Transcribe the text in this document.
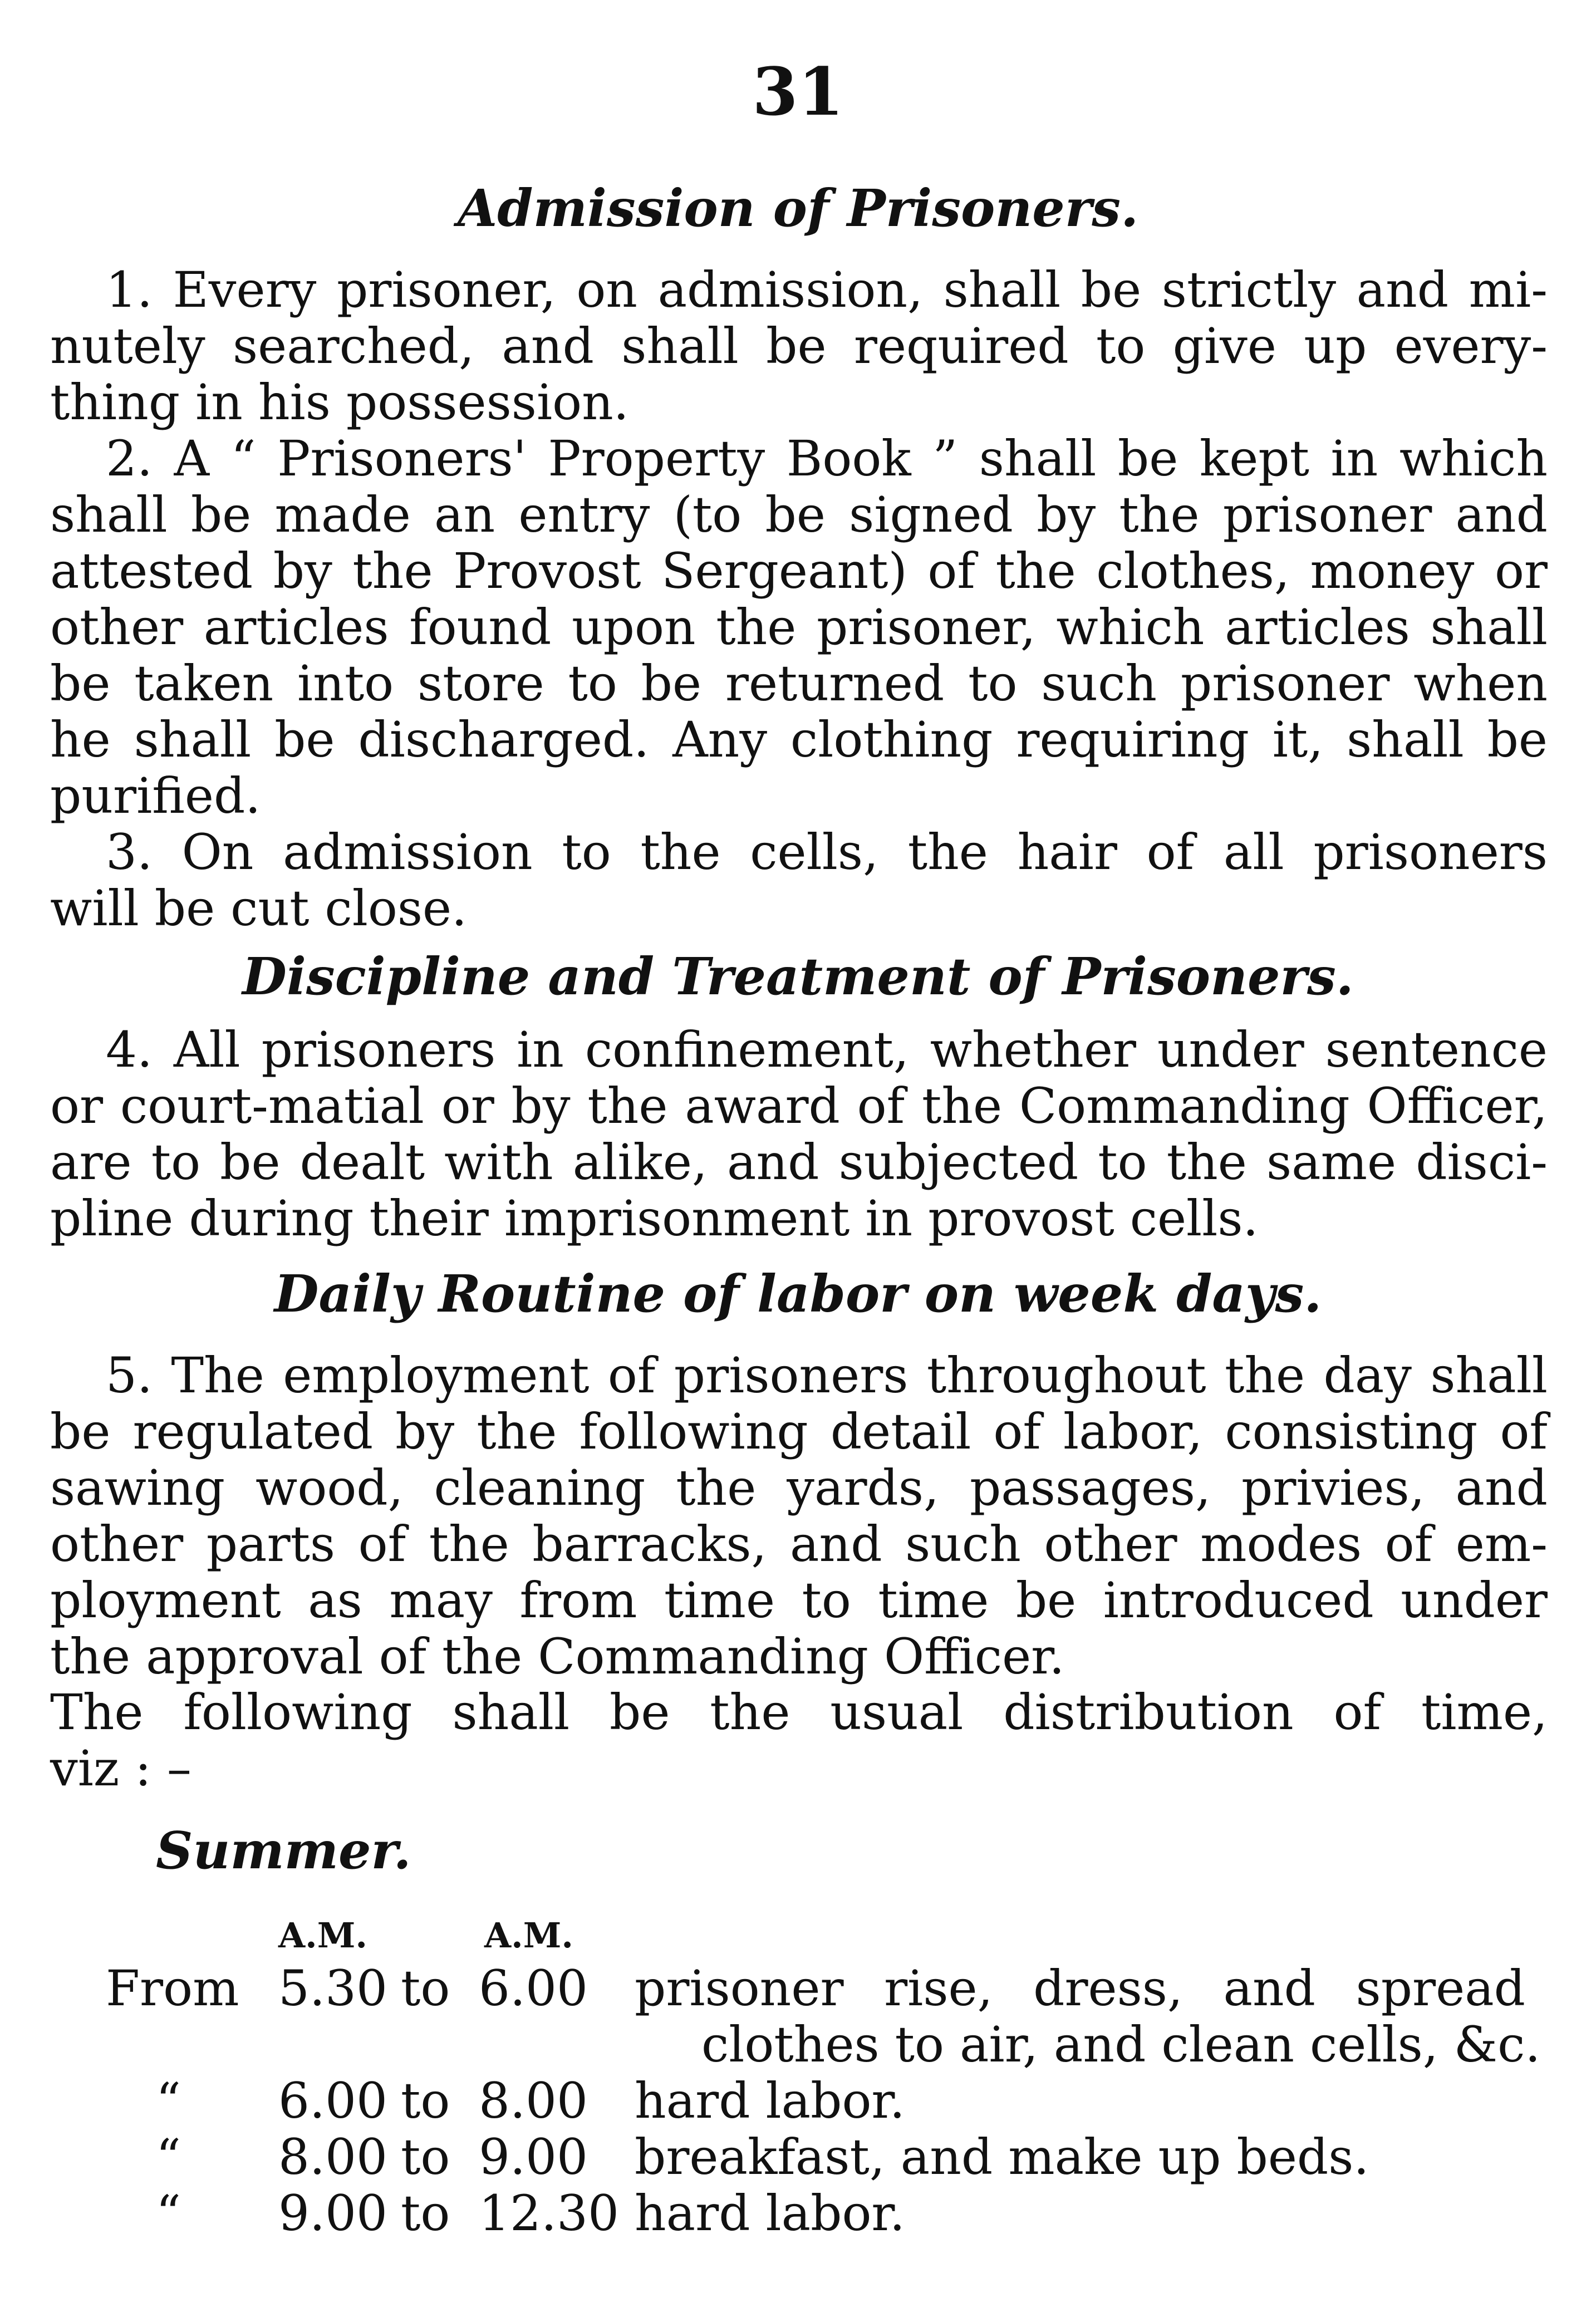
31
Admission of Prisoners.
1. Every prisoner, on admission, shall be strictly and mi-
nutely searched, and shall be required to give up every-
thing in his possession.
2. A “ Prisoners' Property Book ” shall be kept in which
shall be made an entry (to be signed by the prisoner and
attested by the Provost Sergeant) of the clothes, money or
other articles found upon the prisoner, which articles shall
be taken into store to be returned to such prisoner when
he shall be discharged. Any clothing requiring it, shall be
purified.
3. On admission to the cells, the hair of all prisoners
will be cut close.
Discipline and Treatment of Prisoners.
4. All prisoners in confinement, whether under sentence
or court-matial or by the award of the Commanding Officer,
are to be dealt with alike, and subjected to the same disci-
pline during their imprisonment in provost cells.
Daily Routine of labor on week days.
5. The employment of prisoners throughout the day shall
be regulated by the following detail of labor, consisting of
sawing wood, cleaning the yards, passages, privies, and
other parts of the barracks, and such other modes of em-
ployment as may from time to time be introduced under
the approval of the Commanding Officer.
The following shall be the usual distribution of time,
viz : –
Summer.
A.M.	A.M.
From 5.30 to 6.00 prisoner rise, dress, and spread
clothes to air, and clean cells, &c.
“	6.00 to 8.00 hard labor.
“	8.00 to 9.00 breakfast, and make up beds.
“	9.00 to 12.30 hard labor.
